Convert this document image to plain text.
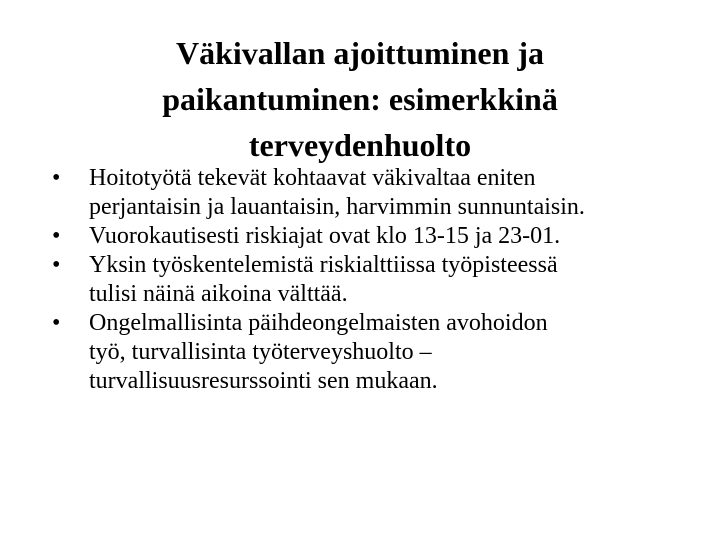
Väkivallan ajoittuminen ja
paikantuminen: esimerkkinä
terveydenhuolto
• Hoitotyötä tekevät kohtaavat väkivaltaa eniten
perjantaisin ja lauantaisin, harvimmin sunnuntaisin.
• Vuorokautisesti riskiajat ovat klo 13-15 ja 23-01.
• Yksin työskentelemistä riskialttiissa työpisteessä
tulisi näinä aikoina välttää.
• Ongelmallisinta päihdeongelmaisten avohoidon
työ, turvallisinta työterveyshuolto –
turvallisuusresurssointi sen mukaan.
